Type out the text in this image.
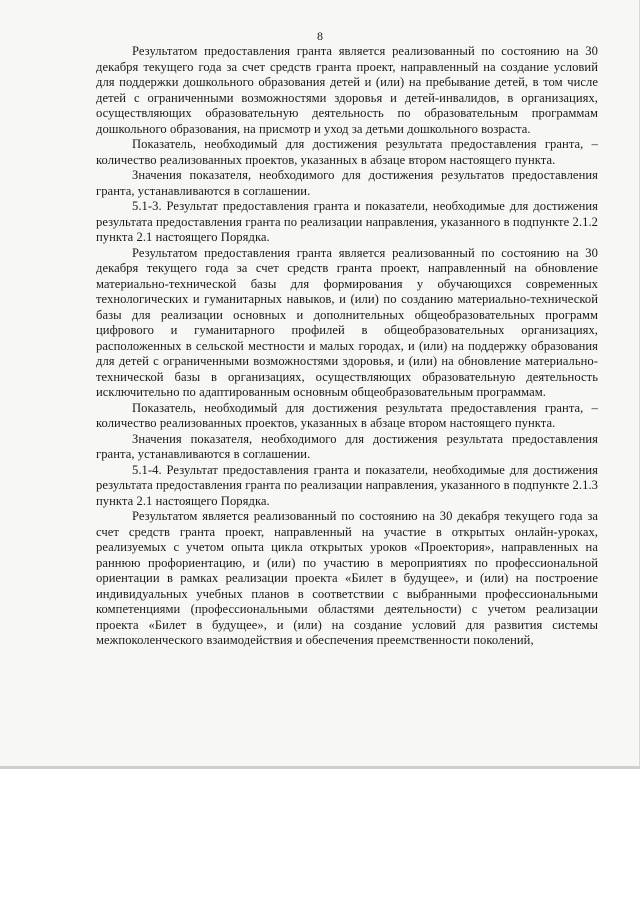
8

Результатом предоставления гранта является реализованный по состоянию на 30 декабря текущего года за счет средств гранта проект, направленный на создание условий для поддержки дошкольного образования детей и (или) на пребывание детей, в том числе детей с ограниченными возможностями здоровья и детей-инвалидов, в организациях, осуществляющих образовательную деятельность по образовательным программам дошкольного образования, на присмотр и уход за детьми дошкольного возраста.

Показатель, необходимый для достижения результата предоставления гранта, – количество реализованных проектов, указанных в абзаце втором настоящего пункта.

Значения показателя, необходимого для достижения результатов предоставления гранта, устанавливаются в соглашении.

5.1-3. Результат предоставления гранта и показатели, необходимые для достижения результата предоставления гранта по реализации направления, указанного в подпункте 2.1.2 пункта 2.1 настоящего Порядка.

Результатом предоставления гранта является реализованный по состоянию на 30 декабря текущего года за счет средств гранта проект, направленный на обновление материально-технической базы для формирования у обучающихся современных технологических и гуманитарных навыков, и (или) по созданию материально-технической базы для реализации основных и дополнительных общеобразовательных программ цифрового и гуманитарного профилей в общеобразовательных организациях, расположенных в сельской местности и малых городах, и (или) на поддержку образования для детей с ограниченными возможностями здоровья, и (или) на обновление материально-технической базы в организациях, осуществляющих образовательную деятельность исключительно по адаптированным основным общеобразовательным программам.

Показатель, необходимый для достижения результата предоставления гранта, – количество реализованных проектов, указанных в абзаце втором настоящего пункта.

Значения показателя, необходимого для достижения результата предоставления гранта, устанавливаются в соглашении.

5.1-4. Результат предоставления гранта и показатели, необходимые для достижения результата предоставления гранта по реализации направления, указанного в подпункте 2.1.3 пункта 2.1 настоящего Порядка.

Результатом является реализованный по состоянию на 30 декабря текущего года за счет средств гранта проект, направленный на участие в открытых онлайн-уроках, реализуемых с учетом опыта цикла открытых уроков «Проектория», направленных на раннюю профориентацию, и (или) по участию в мероприятиях по профессиональной ориентации в рамках реализации проекта «Билет в будущее», и (или) на построение индивидуальных учебных планов в соответствии с выбранными профессиональными компетенциями (профессиональными областями деятельности) с учетом реализации проекта «Билет в будущее», и (или) на создание условий для развития системы межпоколенческого взаимодействия и обеспечения преемственности поколений,
